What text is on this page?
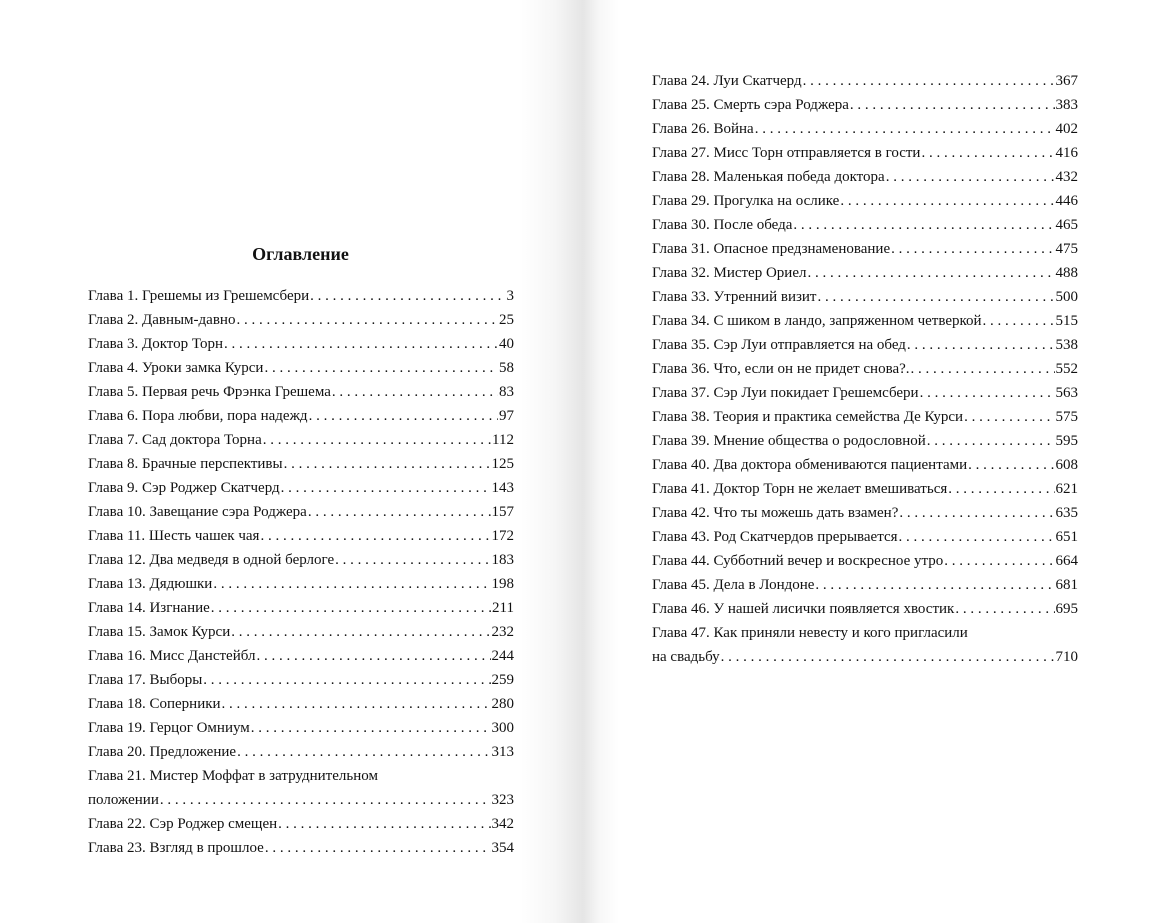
Оглавление
Глава 1. Грешемы из Грешемсбери . . .	3
Глава 2. Давным-давно . . .	25
Глава 3. Доктор Торн . . .	40
Глава 4. Уроки замка Курси . . .	58
Глава 5. Первая речь Фрэнка Грешема . . .	83
Глава 6. Пора любви, пора надежд . . .	97
Глава 7. Сад доктора Торна . . .	112
Глава 8. Брачные перспективы . . .	125
Глава 9. Сэр Роджер Скатчерд . . .	143
Глава 10. Завещание сэра Роджера . . .	157
Глава 11. Шесть чашек чая . . .	172
Глава 12. Два медведя в одной берлоге . . .	183
Глава 13. Дядюшки . . .	198
Глава 14. Изгнание . . .	211
Глава 15. Замок Курси . . .	232
Глава 16. Мисс Данстейбл . . .	244
Глава 17. Выборы . . .	259
Глава 18. Соперники . . .	280
Глава 19. Герцог Омниум . . .	300
Глава 20. Предложение . . .	313
Глава 21. Мистер Моффат в затруднительном
положении . . .	323
Глава 22. Сэр Роджер смещен . . .	342
Глава 23. Взгляд в прошлое . . .	354
Глава 24. Луи Скатчерд . . .	367
Глава 25. Смерть сэра Роджера . . .	383
Глава 26. Война . . .	402
Глава 27. Мисс Торн отправляется в гости . . .	416
Глава 28. Маленькая победа доктора . . .	432
Глава 29. Прогулка на ослике . . .	446
Глава 30. После обеда . . .	465
Глава 31. Опасное предзнаменование . . .	475
Глава 32. Мистер Ориел . . .	488
Глава 33. Утренний визит . . .	500
Глава 34. С шиком в ландо, запряженном четверкой . . .	515
Глава 35. Сэр Луи отправляется на обед . . .	538
Глава 36. Что, если он не придет снова?. . . .	552
Глава 37. Сэр Луи покидает Грешемсбери . . .	563
Глава 38. Теория и практика семейства Де Курси . . .	575
Глава 39. Мнение общества о родословной . . .	595
Глава 40. Два доктора обмениваются пациентами . . .	608
Глава 41. Доктор Торн не желает вмешиваться . . .	621
Глава 42. Что ты можешь дать взамен? . . .	635
Глава 43. Род Скатчердов прерывается . . .	651
Глава 44. Субботний вечер и воскресное утро . . .	664
Глава 45. Дела в Лондоне . . .	681
Глава 46. У нашей лисички появляется хвостик . . .	695
Глава 47. Как приняли невесту и кого пригласили
на свадьбу . . .	710
